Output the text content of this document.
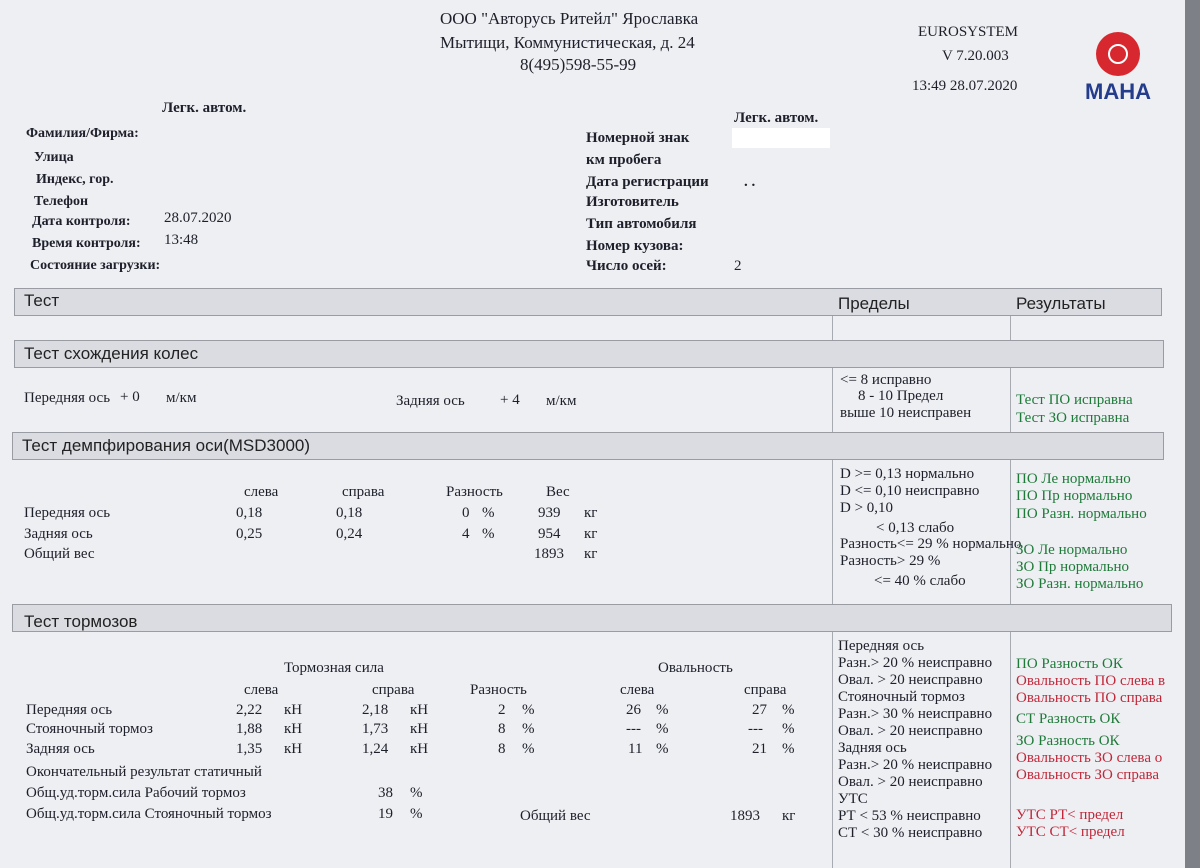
ООО "Авторусь Ритейл" Ярославка
Мытищи, Коммунистическая, д. 24
8(495)598-55-99
EUROSYSTEM
V 7.20.003
13:49 28.07.2020	MAHA
Легк. автом.
Фамилия/Фирма:
Улица
Индекс, гор.
Телефон
Дата контроля: 28.07.2020
Время контроля: 13:48
Состояние загрузки:
Легк. автом.
Номерной знак
км пробега
Дата регистрации . .
Изготовитель
Тип автомобиля
Номер кузова:
Число осей:	2
Тест	Пределы	Результаты
Тест схождения колес
Передняя ось + 0 м/км	Задняя ось + 4 м/км
<= 8 исправно
8 - 10 Предел
выше 10 неисправен
Тест ПО исправна
Тест ЗО исправна
Тест демпфирования оси(MSD3000)
слева	справа	Разность	Вес
Передняя ось	0,18	0,18	0 %	939 кг
Задняя ось	0,25	0,24	4 %	954 кг
Общий вес	1893 кг
D >= 0,13 нормально
D <= 0,10 неисправно
D > 0,10
< 0,13 слабо
Разность<= 29 % нормально
Разность> 29 %
<= 40 % слабо
ПО Ле нормально
ПО Пр нормально
ПО Разн. нормально
ЗО Ле нормально
ЗО Пр нормально
ЗО Разн. нормально
Тест тормозов
Тормозная сила	Овальность
слева	справа	Разность	слева	справа
Передняя ось	2,22 кН	2,18 кН	2 %	26 %	27 %
Стояночный тормоз	1,88 кН	1,73 кН	8 %	--- %	--- %
Задняя ось	1,35 кН	1,24 кН	8 %	11 %	21 %
Окончательный результат статичный
Общ.уд.торм.сила Рабочий тормоз	38 %
Общ.уд.торм.сила Стояночный тормоз	19 %	Общий вес	1893 кг
Передняя ось
Разн.> 20 % неисправно
Овал. > 20 неисправно
Стояночный тормоз
Разн.> 30 % неисправно
Овал. > 20 неисправно
Задняя ось
Разн.> 20 % неисправно
Овал. > 20 неисправно
УТС
РТ < 53 % неисправно
СТ < 30 % неисправно
ПО Разность ОК
Овальность ПО слева в
Овальность ПО справа
СТ Разность ОК
ЗО Разность ОК
Овальность ЗО слева о
Овальность ЗО справа
УТС РТ< предел
УТС СТ< предел
